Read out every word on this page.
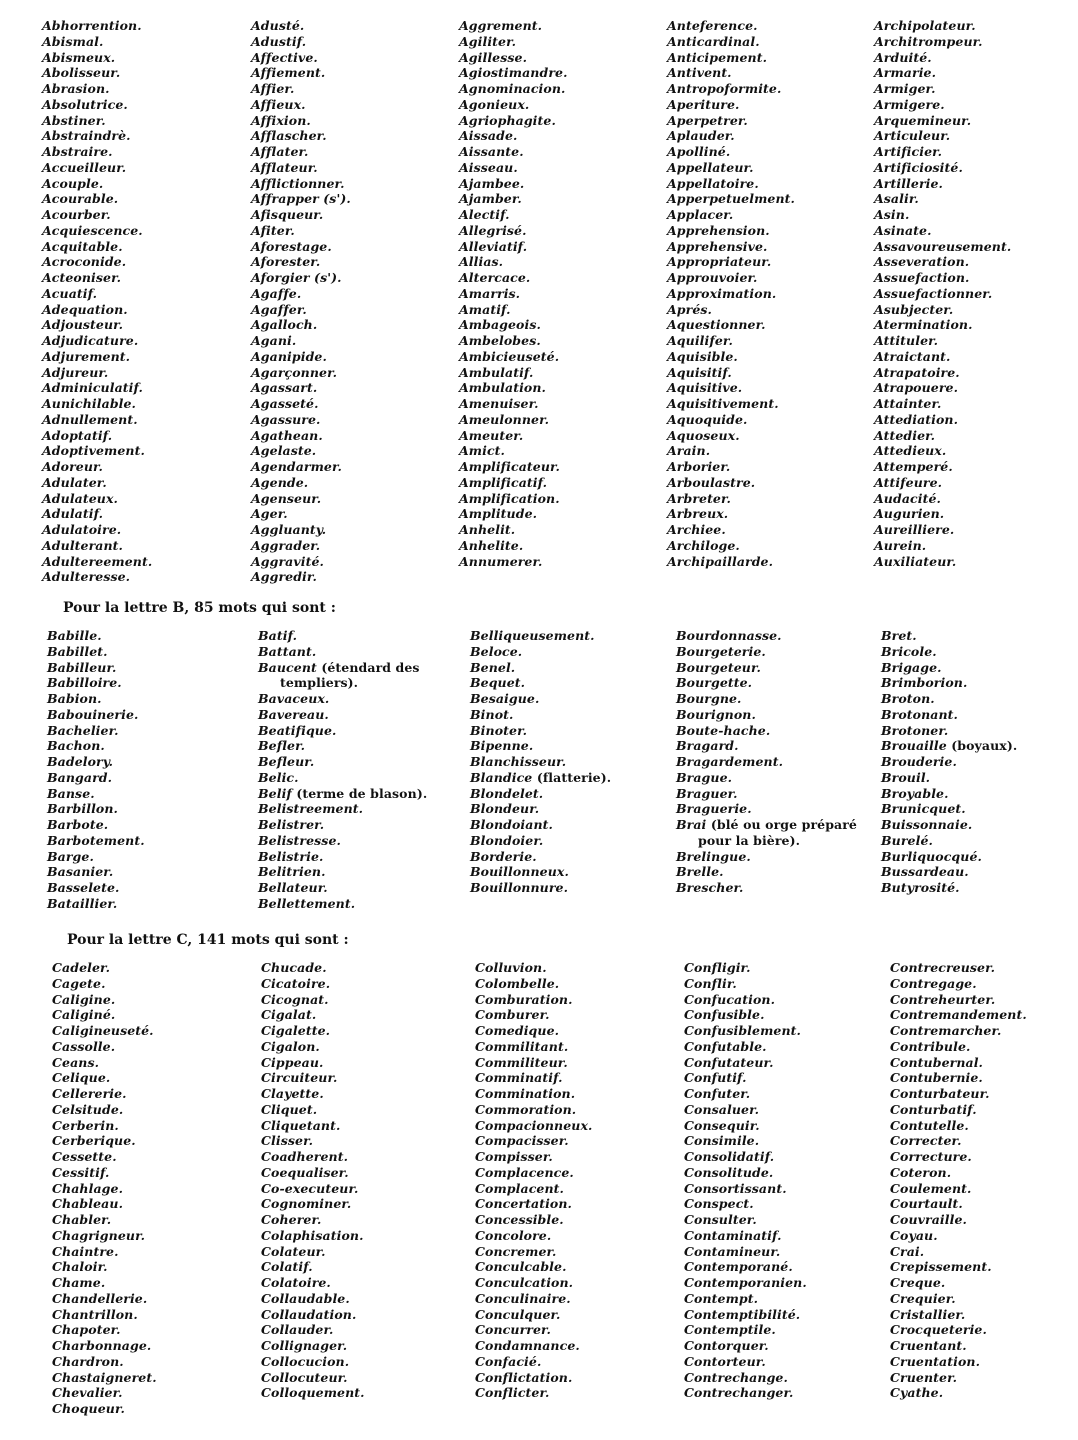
Abhorrention.
Abismal.
Abismeux.
Abolisseur.
Abrasion.
Absolutrice.
Abstiner.
Abstraindrè.
Abstraire.
Accueilleur.
Acouple.
Acourable.
Acourber.
Acquiescence.
Acquitable.
Acroconide.
Acteoniser.
Acuatif.
Adequation.
Adjousteur.
Adjudicature.
Adjurement.
Adjureur.
Adminiculatif.
Aunichilable.
Adnullement.
Adoptatif.
Adoptivement.
Adoreur.
Adulater.
Adulateux.
Adulatif.
Adulatoire.
Adulterant.
Adultereement.
Adulteresse.
Adusté.
Adustif.
Affective.
Affiement.
Affier.
Affieux.
Affixion.
Afflascher.
Afflater.
Afflateur.
Afflictionner.
Affrapper (s').
Afisqueur.
Afiter.
Aforestage.
Aforester.
Aforgier (s').
Agaffe.
Agaffer.
Agalloch.
Agani.
Aganipide.
Agarçonner.
Agassart.
Agasseté.
Agassure.
Agathean.
Agelaste.
Agendarmer.
Agende.
Agenseur.
Ager.
Aggluanty.
Aggrader.
Aggravité.
Aggredir.
Aggrement.
Agiliter.
Agillesse.
Agiostimandre.
Agnominacion.
Agonieux.
Agriophagite.
Aissade.
Aissante.
Aisseau.
Ajambee.
Ajamber.
Alectif.
Allegrisé.
Alleviatif.
Allias.
Altercace.
Amarris.
Amatif.
Ambageois.
Ambelobes.
Ambicieuseté.
Ambulatif.
Ambulation.
Amenuiser.
Ameulonner.
Ameuter.
Amict.
Amplificateur.
Amplificatif.
Amplification.
Amplitude.
Anhelit.
Anhelite.
Annumerer.
Anteference.
Anticardinal.
Anticipement.
Antivent.
Antropoformite.
Aperiture.
Aperpetrer.
Aplauder.
Apolliné.
Appellateur.
Appellatoire.
Apperpetuelment.
Applacer.
Apprehension.
Apprehensive.
Appropriateur.
Approuvoier.
Approximation.
Aprés.
Aquestionner.
Aquilifer.
Aquisible.
Aquisitif.
Aquisitive.
Aquisitivement.
Aquoquide.
Aquoseux.
Arain.
Arborier.
Arboulastre.
Arbreter.
Arbreux.
Archiee.
Archiloge.
Archipaillarde.
Archipolateur.
Architrompeur.
Arduité.
Armarie.
Armiger.
Armigere.
Arquemineur.
Articuleur.
Artificier.
Artificiosité.
Artillerie.
Asalir.
Asin.
Asinate.
Assavoureusement.
Asseveration.
Assuefaction.
Assuefactionner.
Asubjecter.
Atermination.
Attituler.
Atraictant.
Atrapatoire.
Atrapouere.
Attainter.
Attediation.
Attedier.
Attedieux.
Attemperé.
Attifeure.
Audacité.
Augurien.
Aureilliere.
Aurein.
Auxiliateur.
Pour la lettre B, 85 mots qui sont :
Babille.
Babillet.
Babilleur.
Babilloire.
Babion.
Babouinerie.
Bachelier.
Bachon.
Badelory.
Bangard.
Banse.
Barbillon.
Barbote.
Barbotement.
Barge.
Basanier.
Basselete.
Bataillier.
Batif.
Battant.
Baucent (étendard des
templiers).
Bavaceux.
Bavereau.
Beatifique.
Befler.
Befleur.
Belic.
Belif (terme de blason).
Belistreement.
Belistrer.
Belistresse.
Belistrie.
Belitrien.
Bellateur.
Bellettement.
Belliqueusement.
Beloce.
Benel.
Bequet.
Besaigue.
Binot.
Binoter.
Bipenne.
Blanchisseur.
Blandice (flatterie).
Blondelet.
Blondeur.
Blondoiant.
Blondoier.
Borderie.
Bouillonneux.
Bouillonnure.
Bourdonnasse.
Bourgeterie.
Bourgeteur.
Bourgette.
Bourgne.
Bourignon.
Boute-hache.
Bragard.
Bragardement.
Brague.
Braguer.
Braguerie.
Brai (blé ou orge préparé
pour la bière).
Brelingue.
Brelle.
Brescher.
Bret.
Bricole.
Brigage.
Brimborion.
Broton.
Brotonant.
Brotoner.
Brouaille (boyaux).
Brouderie.
Brouil.
Broyable.
Brunicquet.
Buissonnaie.
Burelé.
Burliquocqué.
Bussardeau.
Butyrosité.
Pour la lettre C, 141 mots qui sont :
Cadeler.
Cagete.
Caligine.
Caliginé.
Caligineuseté.
Cassolle.
Ceans.
Celique.
Cellererie.
Celsitude.
Cerberin.
Cerberique.
Cessette.
Cessitif.
Chahlage.
Chableau.
Chabler.
Chagrigneur.
Chaintre.
Chaloir.
Chame.
Chandellerie.
Chantrillon.
Chapoter.
Charbonnage.
Chardron.
Chastaigneret.
Chevalier.
Choqueur.
Chucade.
Cicatoire.
Cicognat.
Cigalat.
Cigalette.
Cigalon.
Cippeau.
Circuiteur.
Clayette.
Cliquet.
Cliquetant.
Clisser.
Coadherent.
Coequaliser.
Co-executeur.
Cognominer.
Coherer.
Colaphisation.
Colateur.
Colatif.
Colatoire.
Collaudable.
Collaudation.
Collauder.
Collignager.
Collocucion.
Collocuteur.
Colloquement.
Colluvion.
Colombelle.
Comburation.
Comburer.
Comedique.
Commilitant.
Commiliteur.
Comminatif.
Commination.
Commoration.
Compacionneux.
Compacisser.
Compisser.
Complacence.
Complacent.
Concertation.
Concessible.
Concolore.
Concremer.
Conculcable.
Conculcation.
Conculinaire.
Conculquer.
Concurrer.
Condamnance.
Confacié.
Conflictation.
Conflicter.
Confligir.
Conflir.
Confucation.
Confusible.
Confusiblement.
Confutable.
Confutateur.
Confutif.
Confuter.
Consaluer.
Consequir.
Consimile.
Consolidatif.
Consolitude.
Consortissant.
Conspect.
Consulter.
Contaminatif.
Contamineur.
Contemporané.
Contemporanien.
Contempt.
Contemptibilité.
Contemptile.
Contorquer.
Contorteur.
Contrechange.
Contrechanger.
Contrecreuser.
Contregage.
Contreheurter.
Contremandement.
Contremarcher.
Contribule.
Contubernal.
Contubernie.
Conturbateur.
Conturbatif.
Contutelle.
Correcter.
Correcture.
Coteron.
Coulement.
Courtault.
Couvraille.
Coyau.
Crai.
Crepissement.
Creque.
Crequier.
Cristallier.
Crocqueterie.
Cruentant.
Cruentation.
Cruenter.
Cyathe.
